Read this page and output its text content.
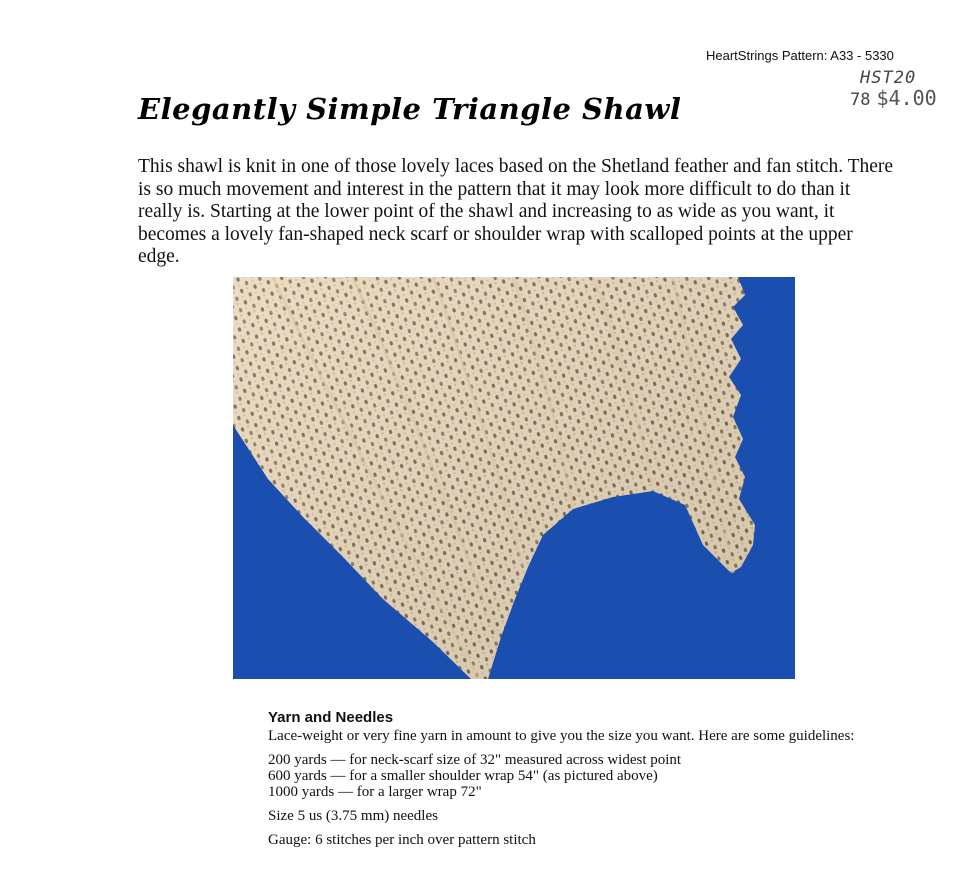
HeartStrings Pattern: A33 - 5330
HST20
78 $4.00
Elegantly Simple Triangle Shawl

This shawl is knit in one of those lovely laces based on the Shetland feather and fan stitch. There is so much movement and interest in the pattern that it may look more difficult to do than it really is. Starting at the lower point of the shawl and increasing to as wide as you want, it becomes a lovely fan-shaped neck scarf or shoulder wrap with scalloped points at the upper edge.

Yarn and Needles

Lace-weight or very fine yarn in amount to give you the size you want. Here are some guidelines:

200 yards — for neck-scarf size of 32" measured across widest point
600 yards — for a smaller shoulder wrap 54" (as pictured above)
1000 yards — for a larger wrap 72"

Size 5 us (3.75 mm) needles

Gauge: 6 stitches per inch over pattern stitch
